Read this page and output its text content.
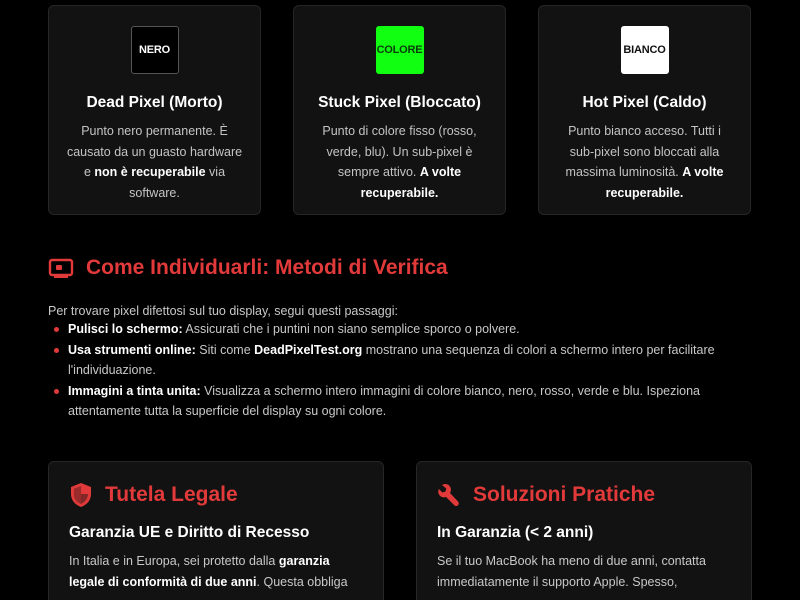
NERO
Dead Pixel (Morto)

Punto nero permanente. È causato da un guasto hardware e non è recuperabile via software.

COLORE
Stuck Pixel (Bloccato)

Punto di colore fisso (rosso, verde, blu). Un sub-pixel è sempre attivo. A volte recuperabile.

BIANCO
Hot Pixel (Caldo)

Punto bianco acceso. Tutti i sub-pixel sono bloccati alla massima luminosità. A volte recuperabile.

Come Individuarli: Metodi di Verifica

Per trovare pixel difettosi sul tuo display, segui questi passaggi:

Pulisci lo schermo: Assicurati che i puntini non siano semplice sporco o polvere.
Usa strumenti online: Siti come DeadPixelTest.org mostrano una sequenza di colori a schermo intero per facilitare l'individuazione.
Immagini a tinta unita: Visualizza a schermo intero immagini di colore bianco, nero, rosso, verde e blu. Ispeziona attentamente tutta la superficie del display su ogni colore.
Tutela Legale
Garanzia UE e Diritto di Recesso

In Italia e in Europa, sei protetto dalla garanzia legale di conformità di due anni. Questa obbliga

Soluzioni Pratiche
In Garanzia (< 2 anni)

Se il tuo MacBook ha meno di due anni, contatta immediatamente il supporto Apple. Spesso,
